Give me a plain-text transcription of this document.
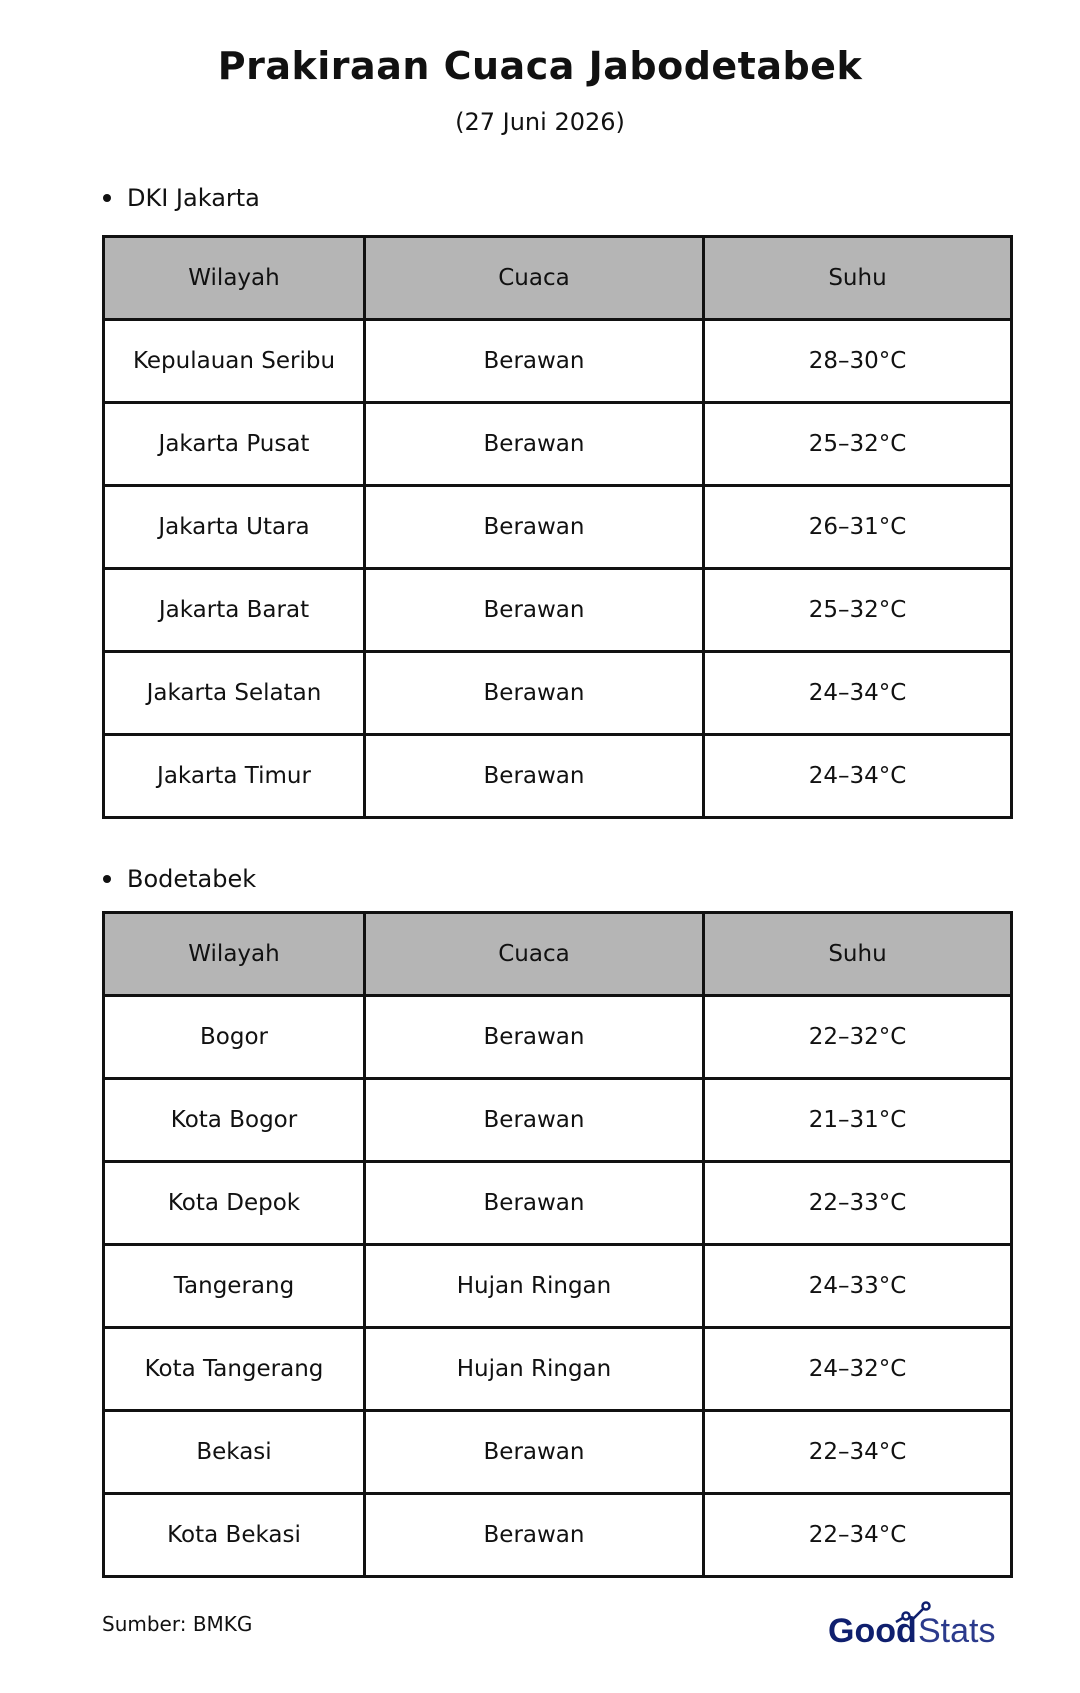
Prakiraan Cuaca Jabodetabek
(27 Juni 2026)
DKI Jakarta
Wilayah	Cuaca	Suhu
Kepulauan Seribu	Berawan	28–30°C
Jakarta Pusat	Berawan	25–32°C
Jakarta Utara	Berawan	26–31°C
Jakarta Barat	Berawan	25–32°C
Jakarta Selatan	Berawan	24–34°C
Jakarta Timur	Berawan	24–34°C
Bodetabek
Wilayah	Cuaca	Suhu
Bogor	Berawan	22–32°C
Kota Bogor	Berawan	21–31°C
Kota Depok	Berawan	22–33°C
Tangerang	Hujan Ringan	24–33°C
Kota Tangerang	Hujan Ringan	24–32°C
Bekasi	Berawan	22–34°C
Kota Bekasi	Berawan	22–34°C
Sumber: BMKG	Good Stats
